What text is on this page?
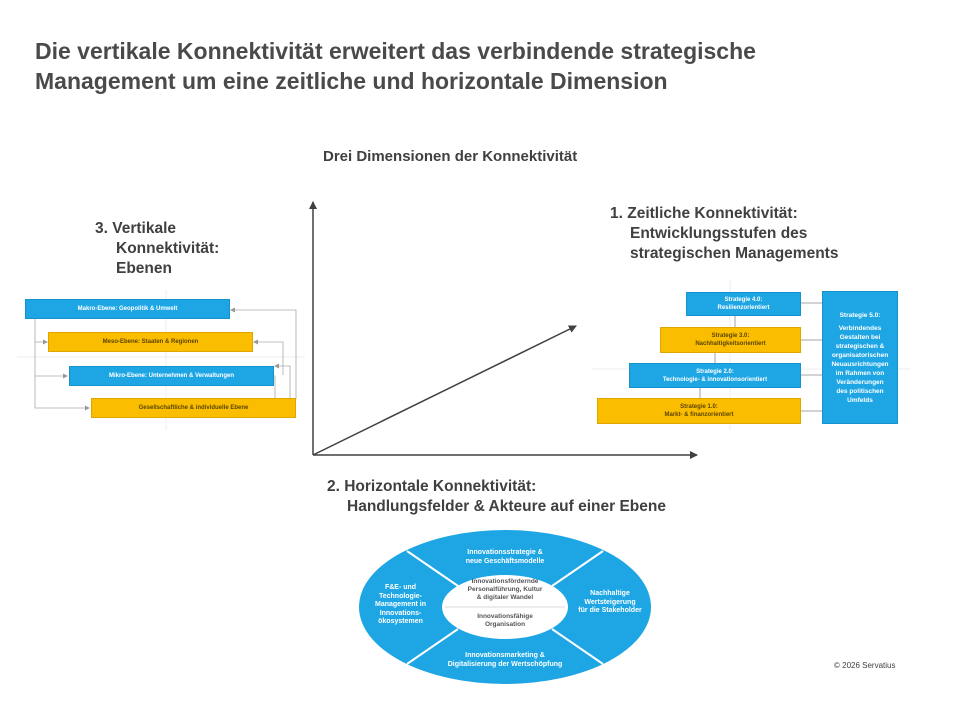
Die vertikale Konnektivität erweitert das verbindende strategische
Management um eine zeitliche und horizontale Dimension
Drei Dimensionen der Konnektivität
3. Vertikale
Konnektivität:
Ebenen
Makro-Ebene: Geopolitik & Umwelt
Meso-Ebene: Staaten & Regionen
Mikro-Ebene: Unternehmen & Verwaltungen
Gesellschaftliche & individuelle Ebene
1. Zeitliche Konnektivität:
Entwicklungsstufen des
strategischen Managements
Strategie 4.0:
Resilienzorientiert
Strategie 3.0:
Nachhaltigkeitsorientiert
Strategie 2.0:
Technologie- & innovationsorientiert
Strategie 1.0:
Markt- & finanzorientiert
Strategie 5.0:
Verbindendes
Gestalten bei
strategischen &
organisatorischen
Neuausrichtungen
im Rahmen von
Veränderungen
des politischen
Umfelds
2. Horizontale Konnektivität:
Handlungsfelder & Akteure auf einer Ebene
Innovationsstrategie &
neue Geschäftsmodelle
F&E- und
Technologie-
Management in
Innovations-
ökosystemen
Nachhaltige
Wertsteigerung
für die Stakeholder
Innovationsmarketing &
Digitalisierung der Wertschöpfung
Innovationsfördernde
Personalführung, Kultur
& digitaler Wandel
Innovationsfähige
Organisation
© 2026 Servatius
